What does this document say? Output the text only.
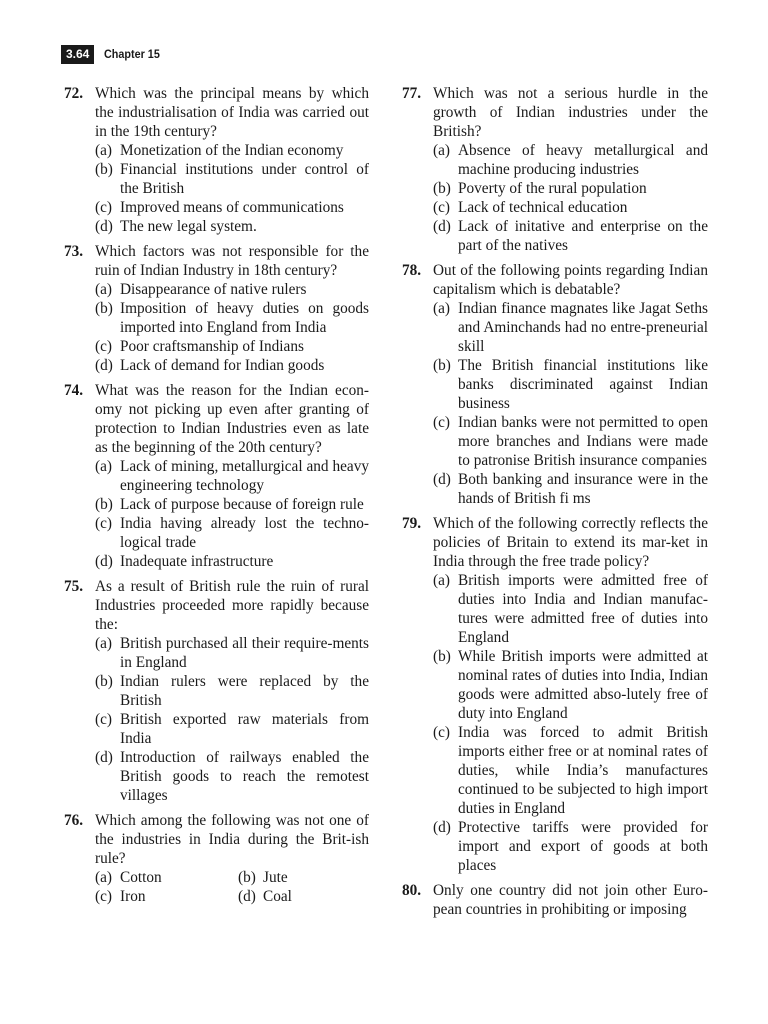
3.64	Chapter 15
72. Which was the principal means by which the industrialisation of India was carried out in the 19th century?
(a) Monetization of the Indian economy
(b) Financial institutions under control of the British
(c) Improved means of communications
(d) The new legal system.
73. Which factors was not responsible for the ruin of Indian Industry in 18th century?
(a) Disappearance of native rulers
(b) Imposition of heavy duties on goods imported into England from India
(c) Poor craftsmanship of Indians
(d) Lack of demand for Indian goods
74. What was the reason for the Indian econ-omy not picking up even after granting of protection to Indian Industries even as late as the beginning of the 20th century?
(a) Lack of mining, metallurgical and heavy engineering technology
(b) Lack of purpose because of foreign rule
(c) India having already lost the techno-logical trade
(d) Inadequate infrastructure
75. As a result of British rule the ruin of rural Industries proceeded more rapidly because the:
(a) British purchased all their require-ments in England
(b) Indian rulers were replaced by the British
(c) British exported raw materials from India
(d) Introduction of railways enabled the British goods to reach the remotest villages
76. Which among the following was not one of the industries in India during the Brit-ish rule?
(a) Cotton	(b) Jute
(c) Iron	(d) Coal
77. Which was not a serious hurdle in the growth of Indian industries under the British?
(a) Absence of heavy metallurgical and machine producing industries
(b) Poverty of the rural population
(c) Lack of technical education
(d) Lack of initative and enterprise on the part of the natives
78. Out of the following points regarding Indian capitalism which is debatable?
(a) Indian finance magnates like Jagat Seths and Aminchands had no entre-preneurial skill
(b) The British financial institutions like banks discriminated against Indian business
(c) Indian banks were not permitted to open more branches and Indians were made to patronise British insurance companies
(d) Both banking and insurance were in the hands of British fi ms
79. Which of the following correctly reflects the policies of Britain to extend its mar-ket in India through the free trade policy?
(a) British imports were admitted free of duties into India and Indian manufac-tures were admitted free of duties into England
(b) While British imports were admitted at nominal rates of duties into India, Indian goods were admitted abso-lutely free of duty into England
(c) India was forced to admit British imports either free or at nominal rates of duties, while India’s manufactures continued to be subjected to high import duties in England
(d) Protective tariffs were provided for import and export of goods at both places
80. Only one country did not join other Euro-pean countries in prohibiting or imposing
